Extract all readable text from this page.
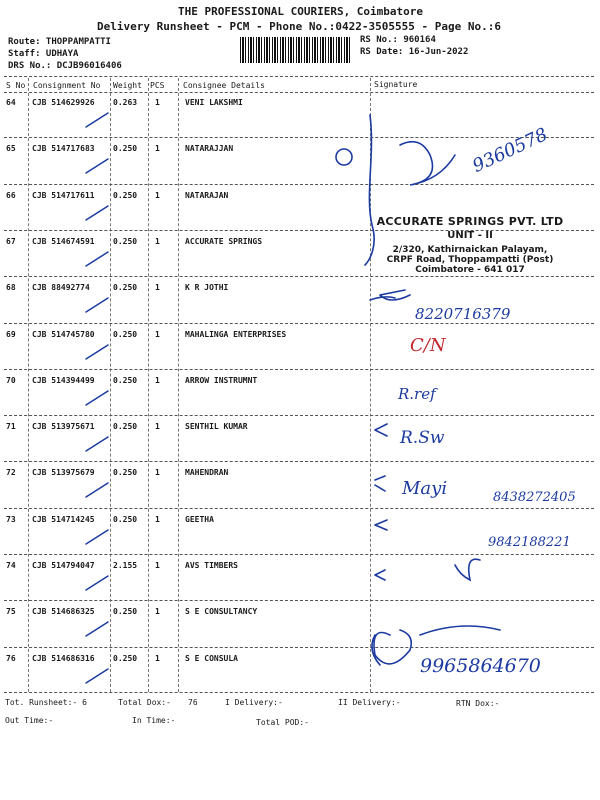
THE PROFESSIONAL COURIERS, Coimbatore
Delivery Runsheet - PCM - Phone No.:0422-3505555 - Page No.:6
Route: THOPPAMPATTI
Staff: UDHAYA
DRS No.: DCJB96016406
RS No.: 960164
RS Date: 16-Jun-2022
S No Consignment No Weight PCS Consignee Details	Signature
64 CJB 514629926 0.263 1	VENI LAKSHMI
65 CJB 514717683 0.250 1	NATARAJJAN
66 CJB 514717611 0.250 1	NATARAJAN
67 CJB 514674591 0.250 1	ACCURATE SPRINGS
68 CJB 88492774	0.250 1	K R JOTHI
69 CJB 514745780 0.250 1	MAHALINGA ENTERPRISES
70 CJB 514394499 0.250 1	ARROW INSTRUMNT
71 CJB 513975671 0.250 1	SENTHIL KUMAR
72 CJB 513975679 0.250 1	MAHENDRAN
73 CJB 514714245 0.250 1	GEETHA
74 CJB 514794047 2.155 1	AVS TIMBERS
75 CJB 514686325 0.250 1	S E CONSULTANCY
76 CJB 514686316 0.250 1	S E CONSULA
ACCURATE SPRINGS PVT. LTD
UNIT - II
2/320, Kathirnaickan Palayam,
CRPF Road, Thoppampatti (Post)
Coimbatore - 641 017
9360578
C/N
8220716379
R.ref
R.Sw
Mayi	8438272405
9842188221
9965864670
Tot. Runsheet:- 6	Total Dox:- 76	I Delivery:-	II Delivery:-	RTN Dox:-
Out Time:-	In Time:-	Total POD:-
